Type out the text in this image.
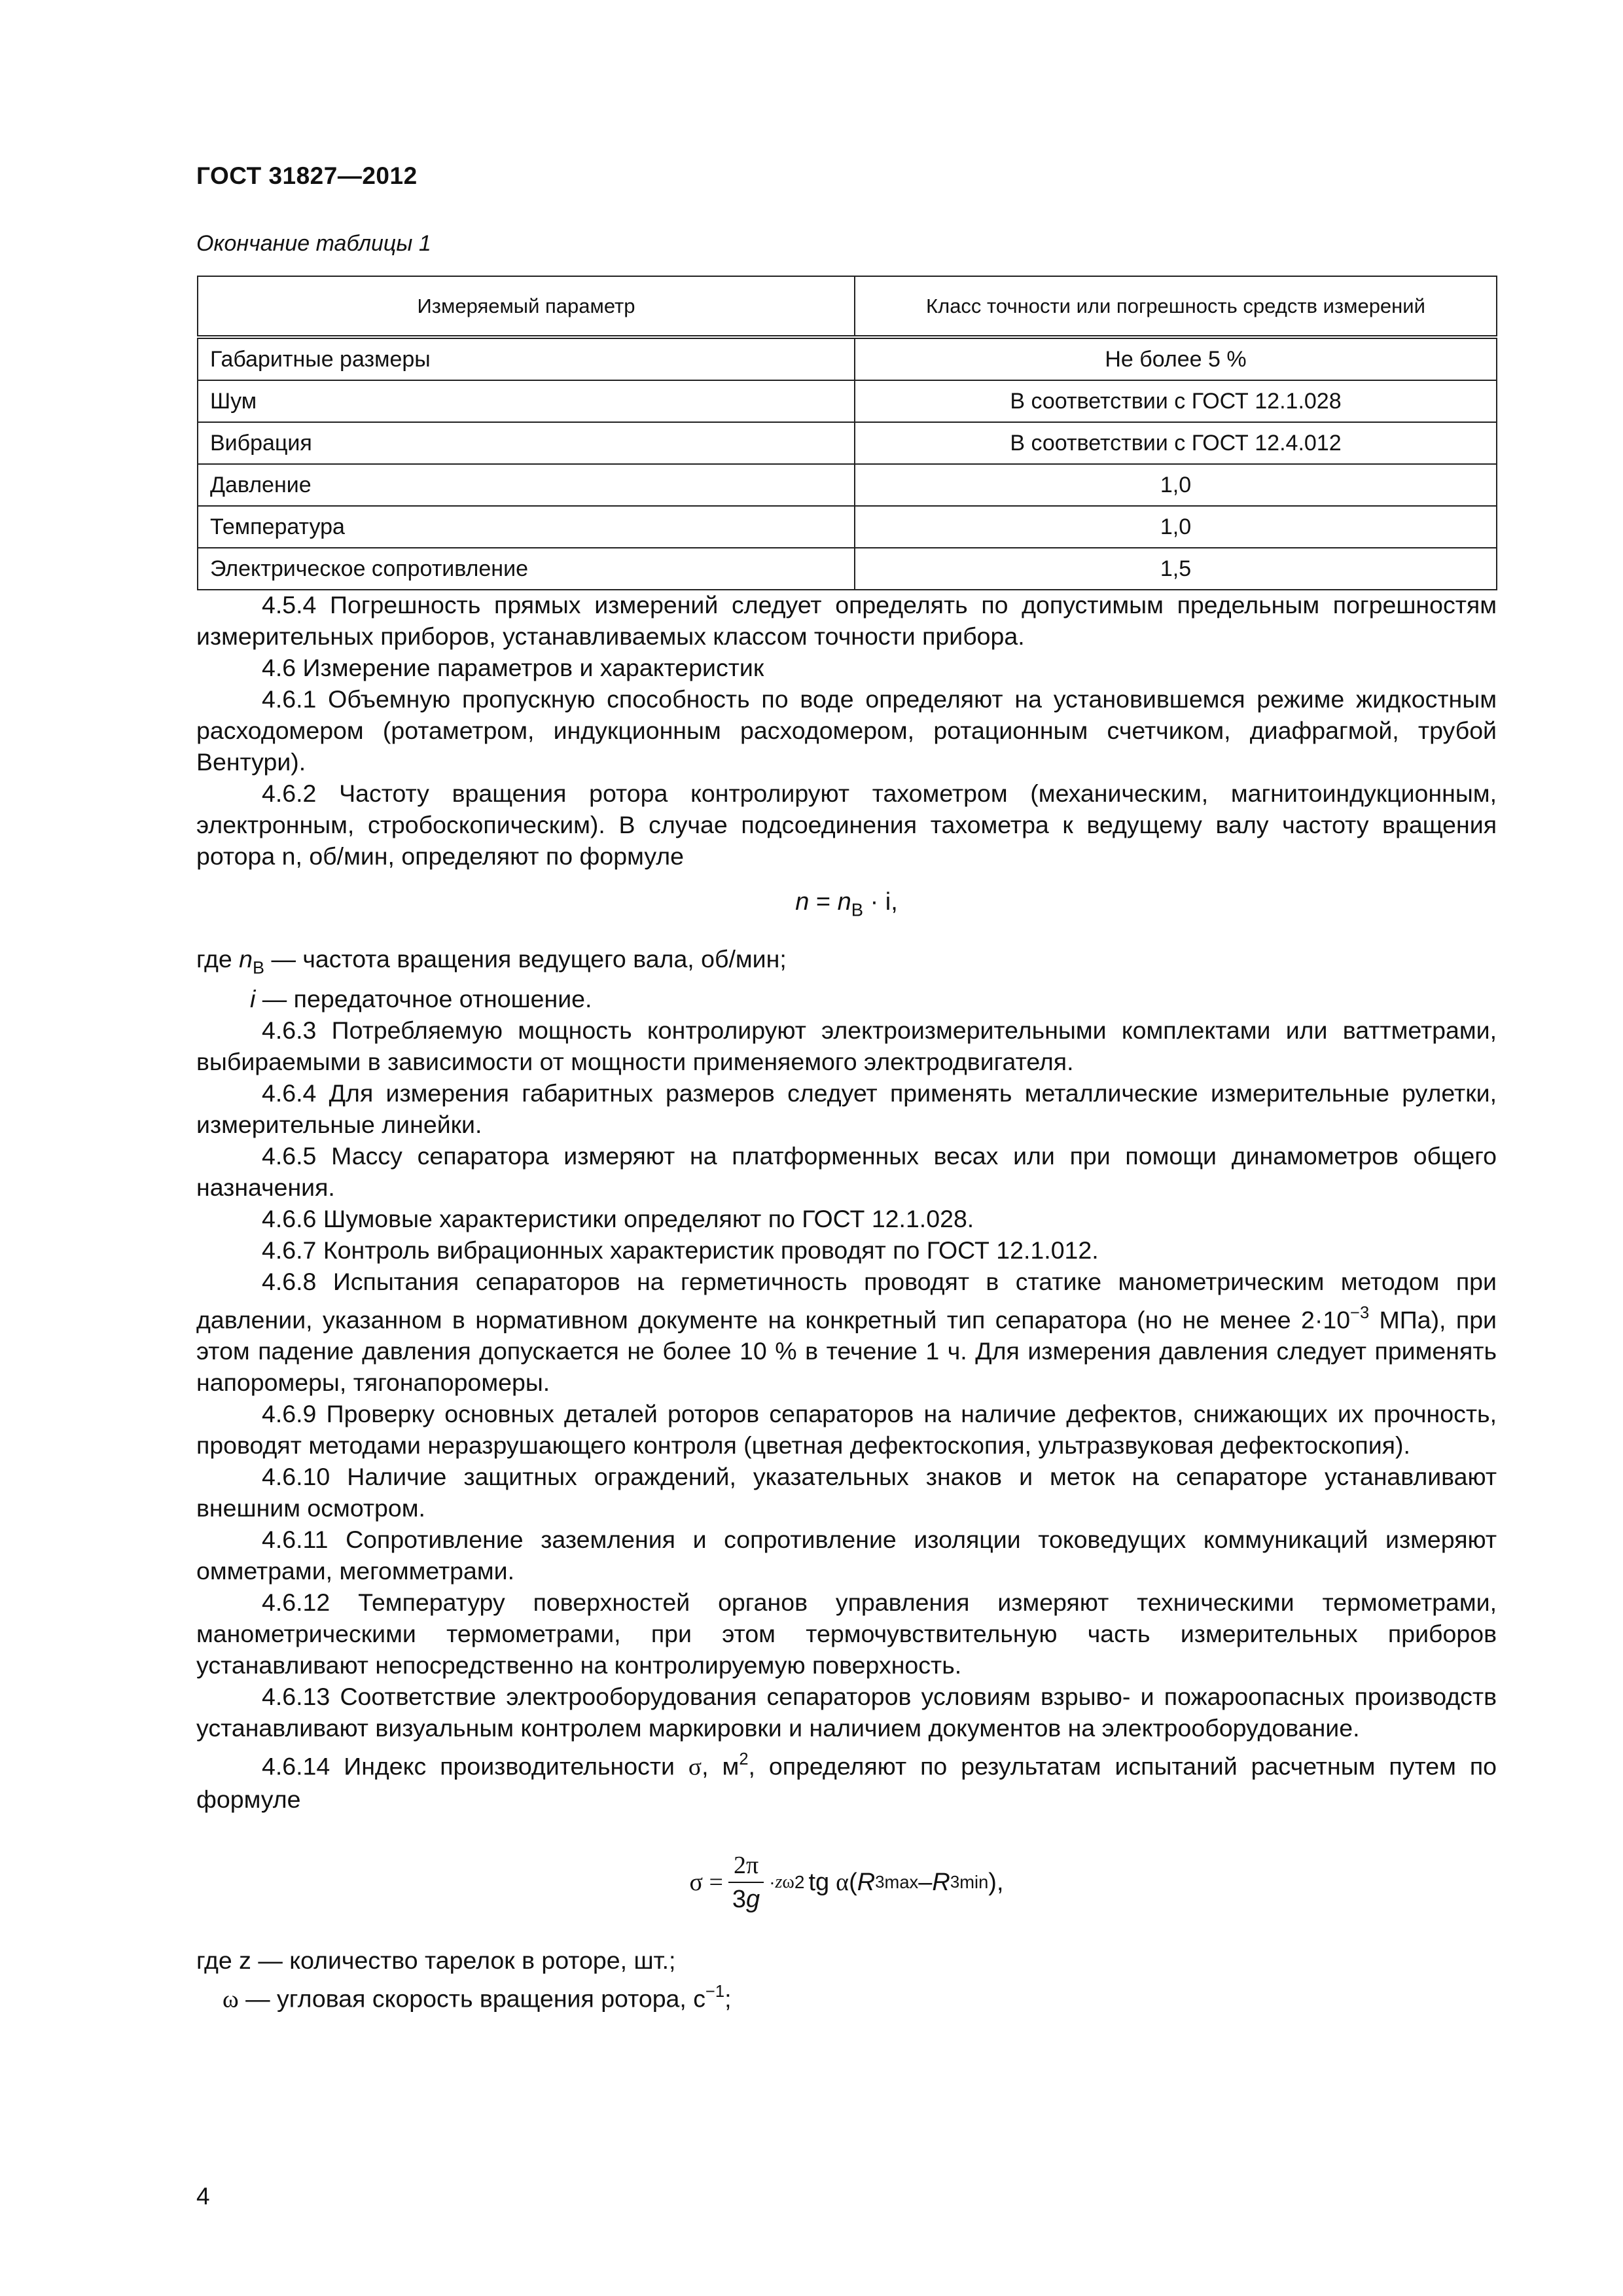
ГОСТ 31827—2012
Окончание таблицы 1
Измеряемый параметр	Класс точности или погрешность средств измерений
Габаритные размеры	Не более 5 %
Шум	В соответствии с ГОСТ 12.1.028
Вибрация	В соответствии с ГОСТ 12.4.012
Давление	1,0
Температура	1,0
Электрическое сопротивление	1,5

4.5.4 Погрешность прямых измерений следует определять по допустимым предельным погрешностям измерительных приборов, устанавливаемых классом точности прибора.

4.6 Измерение параметров и характеристик

4.6.1 Объемную пропускную способность по воде определяют на установившемся режиме жидкостным расходомером (ротаметром, индукционным расходомером, ротационным счетчиком, диафрагмой, трубой Вентури).

4.6.2 Частоту вращения ротора контролируют тахометром (механическим, магнитоиндукционным, электронным, стробоскопическим). В случае подсоединения тахометра к ведущему валу частоту вращения ротора n, об/мин, определяют по формуле

$n = n_B \cdot i$,

где $n_B$ — частота вращения ведущего вала, об/мин;

i — передаточное отношение.

4.6.3 Потребляемую мощность контролируют электроизмерительными комплектами или ваттметрами, выбираемыми в зависимости от мощности применяемого электродвигателя.

4.6.4 Для измерения габаритных размеров следует применять металлические измерительные рулетки, измерительные линейки.

4.6.5 Массу сепаратора измеряют на платформенных весах или при помощи динамометров общего назначения.

4.6.6 Шумовые характеристики определяют по ГОСТ 12.1.028.

4.6.7 Контроль вибрационных характеристик проводят по ГОСТ 12.1.012.

4.6.8 Испытания сепараторов на герметичность проводят в статике манометрическим методом при давлении, указанном в нормативном документе на конкретный тип сепаратора (но не менее $2\cdot 10^{-3}$ МПа), при этом падение давления допускается не более 10 % в течение 1 ч. Для измерения давления следует применять напоромеры, тягонапоромеры.

4.6.9 Проверку основных деталей роторов сепараторов на наличие дефектов, снижающих их прочность, проводят методами неразрушающего контроля (цветная дефектоскопия, ультразвуковая дефектоскопия).

4.6.10 Наличие защитных ограждений, указательных знаков и меток на сепараторе устанавливают внешним осмотром.

4.6.11 Сопротивление заземления и сопротивление изоляции токоведущих коммуникаций измеряют омметрами, мегомметрами.

4.6.12 Температуру поверхностей органов управления измеряют техническими термометрами, манометрическими термометрами, при этом термочувствительную часть измерительных приборов устанавливают непосредственно на контролируемую поверхность.

4.6.13 Соответствие электрооборудования сепараторов условиям взрыво- и пожароопасных производств устанавливают визуальным контролем маркировки и наличием документов на электрооборудование.

4.6.14 Индекс производительности σ, $м^2$, определяют по результатам испытаний расчетным путем по формуле

$\sigma = \frac{2\pi}{3g} \cdot z$ ω 2 tg α ( R 3 max – R 3 min ),

где z — количество тарелок в роторе, шт.;

ω — угловая скорость вращения ротора, $с^{-1}$;

4
